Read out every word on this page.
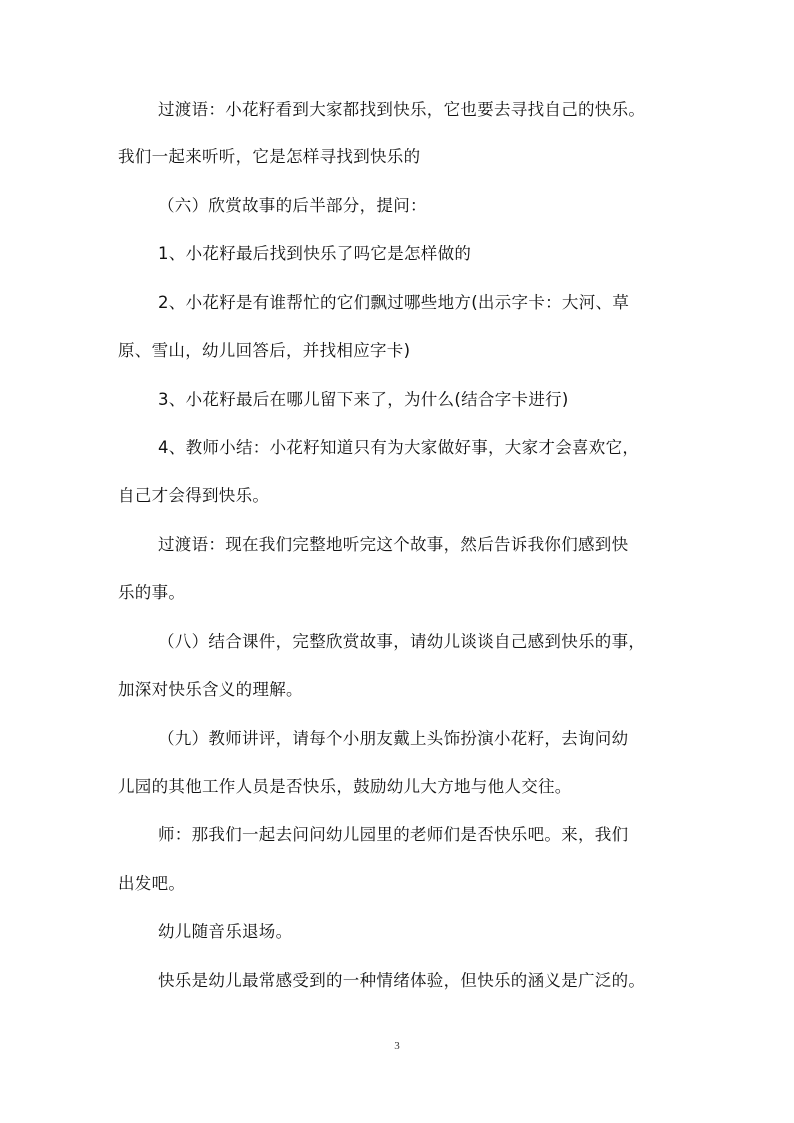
过渡语：小花籽看到大家都找到快乐，它也要去寻找自己的快乐。
我们一起来听听，它是怎样寻找到快乐的
（六）欣赏故事的后半部分，提问：
1、小花籽最后找到快乐了吗它是怎样做的
2、小花籽是有谁帮忙的它们飘过哪些地方(出示字卡：大河、草
原、雪山，幼儿回答后，并找相应字卡)
3、小花籽最后在哪儿留下来了，为什么(结合字卡进行)
4、教师小结：小花籽知道只有为大家做好事，大家才会喜欢它，
自己才会得到快乐。
过渡语：现在我们完整地听完这个故事，然后告诉我你们感到快
乐的事。
（八）结合课件，完整欣赏故事，请幼儿谈谈自己感到快乐的事，
加深对快乐含义的理解。
（九）教师讲评，请每个小朋友戴上头饰扮演小花籽，去询问幼
儿园的其他工作人员是否快乐，鼓励幼儿大方地与他人交往。
师：那我们一起去问问幼儿园里的老师们是否快乐吧。来，我们
出发吧。
幼儿随音乐退场。
快乐是幼儿最常感受到的一种情绪体验，但快乐的涵义是广泛的。
3
